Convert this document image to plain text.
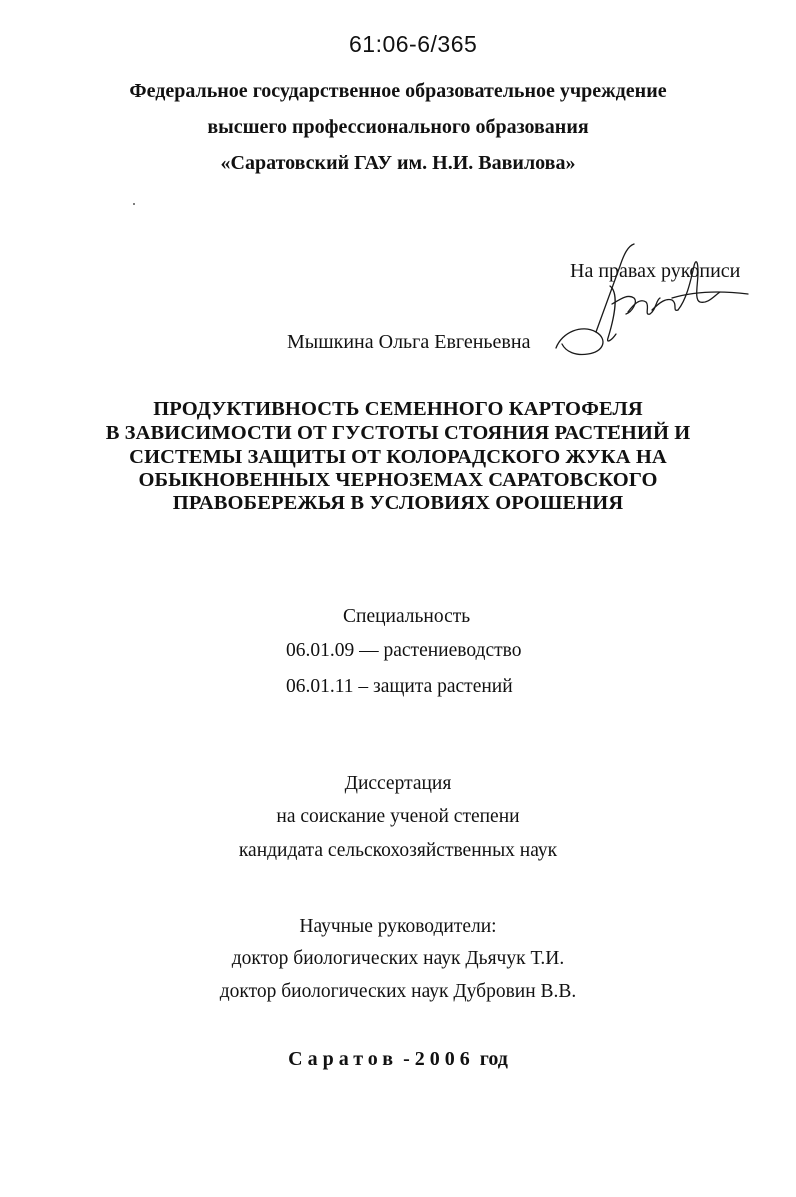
61:06-6/365
Федеральное государственное образовательное учреждение
высшего профессионального образования
«Саратовский ГАУ им. Н.И. Вавилова»
На правах рукописи
Мышкина Ольга Евгеньевна
ПРОДУКТИВНОСТЬ СЕМЕННОГО КАРТОФЕЛЯ
В ЗАВИСИМОСТИ ОТ ГУСТОТЫ СТОЯНИЯ РАСТЕНИЙ И
СИСТЕМЫ ЗАЩИТЫ ОТ КОЛОРАДСКОГО ЖУКА НА
ОБЫКНОВЕННЫХ ЧЕРНОЗЕМАХ САРАТОВСКОГО
ПРАВОБЕРЕЖЬЯ В УСЛОВИЯХ ОРОШЕНИЯ
Специальность
06.01.09 — растениеводство
06.01.11 – защита растений
Диссертация
на соискание ученой степени
кандидата сельскохозяйственных наук
Научные руководители:
доктор биологических наук Дьячук Т.И.
доктор биологических наук Дубровин В.В.
Саратов - 2006 год
